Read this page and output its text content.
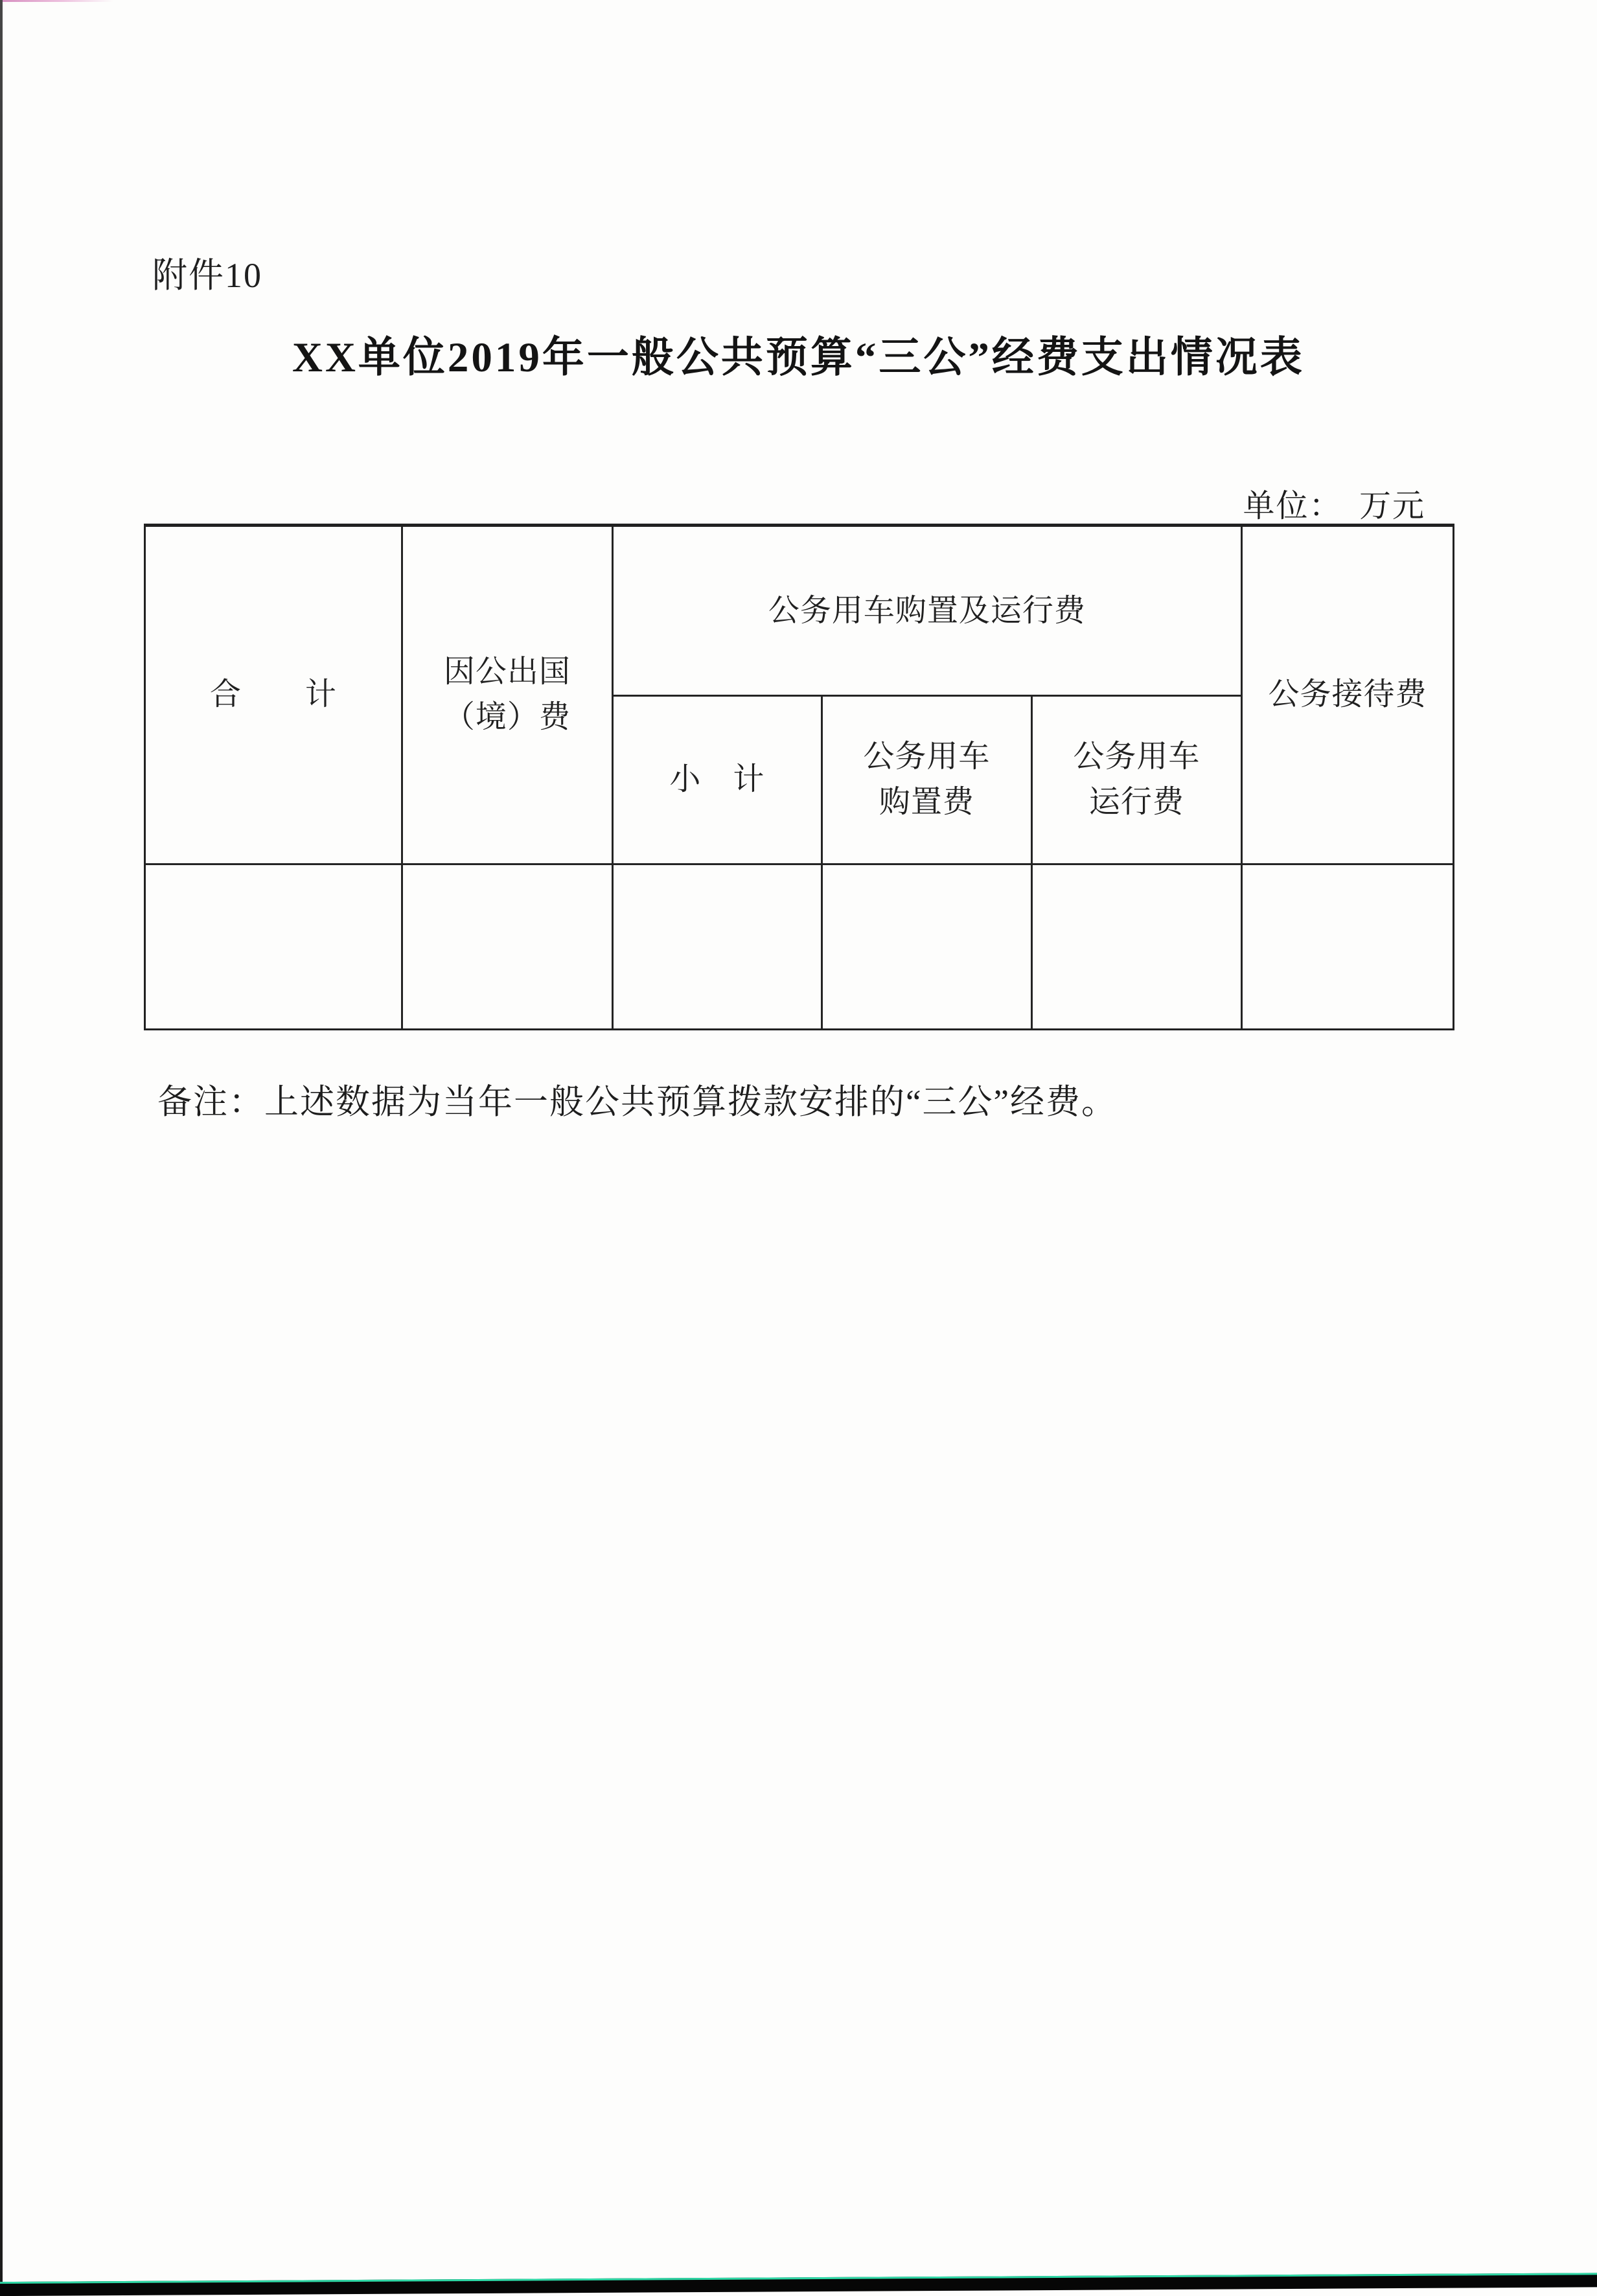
附件10
XX单位2019年一般公共预算“三公”经费支出情况表
单位：　万元
合　　计
因公出国
（境）费
公务用车购置及运行费
小　计
公务用车
购置费
公务用车
运行费
公务接待费
备注：上述数据为当年一般公共预算拨款安排的“三公”经费。
